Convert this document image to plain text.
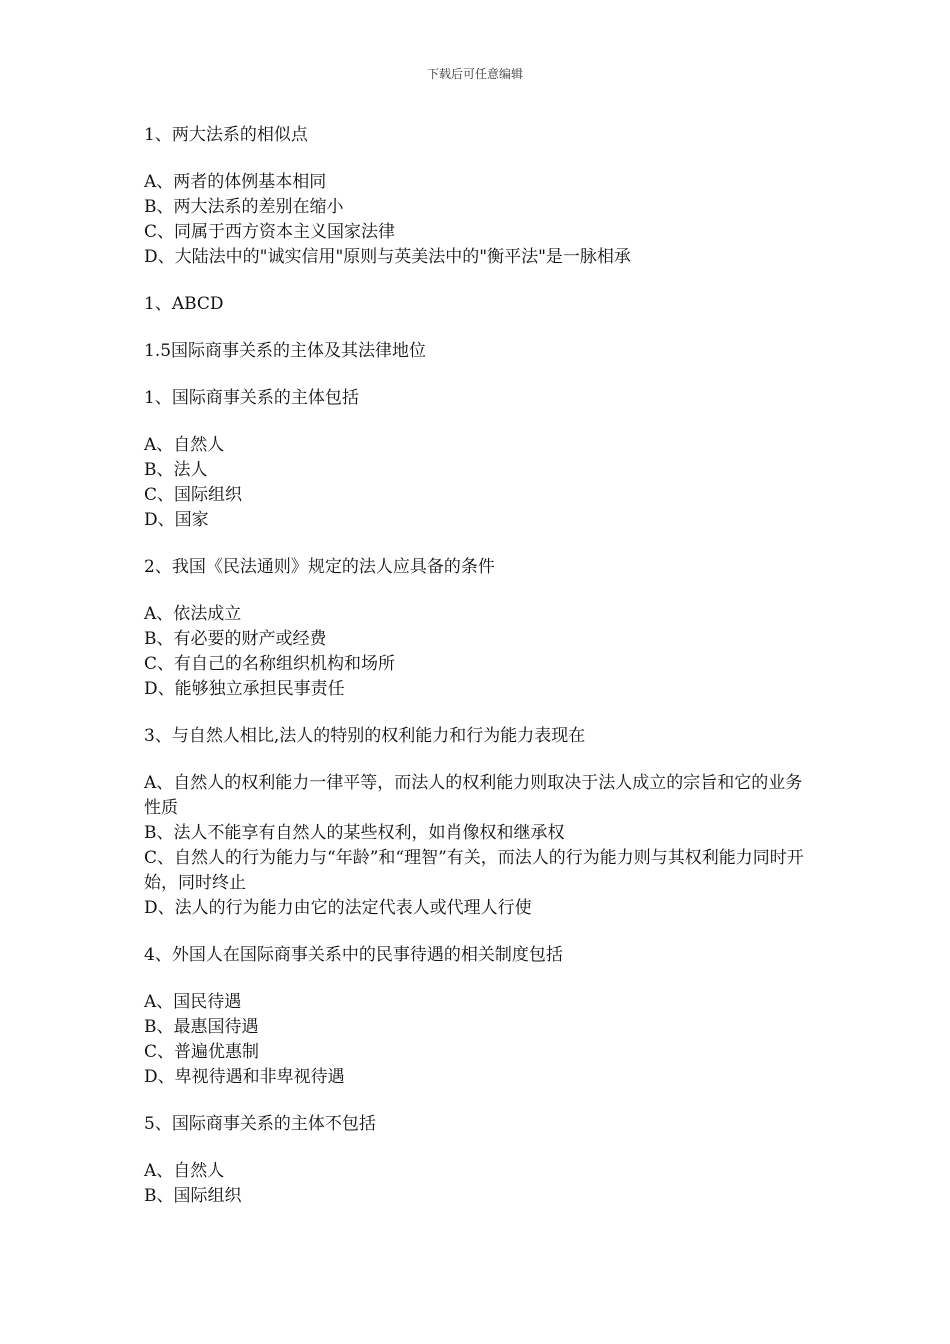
下载后可任意编辑
1、两大法系的相似点
A、两者的体例基本相同
B、两大法系的差别在缩小
C、同属于西方资本主义国家法律
D、大陆法中的"诚实信用"原则与英美法中的"衡平法"是一脉相承
1、ABCD
1.5国际商事关系的主体及其法律地位
1、国际商事关系的主体包括
A、自然人
B、法人
C、国际组织
D、国家
2、我国《民法通则》规定的法人应具备的条件
A、依法成立
B、有必要的财产或经费
C、有自己的名称组织机构和场所
D、能够独立承担民事责任
3、与自然人相比,法人的特别的权利能力和行为能力表现在
A、自然人的权利能力一律平等，而法人的权利能力则取决于法人成立的宗旨和它的业务性质
B、法人不能享有自然人的某些权利，如肖像权和继承权
C、自然人的行为能力与“年龄”和“理智”有关，而法人的行为能力则与其权利能力同时开始，同时终止
D、法人的行为能力由它的法定代表人或代理人行使
4、外国人在国际商事关系中的民事待遇的相关制度包括
A、国民待遇
B、最惠国待遇
C、普遍优惠制
D、卑视待遇和非卑视待遇
5、国际商事关系的主体不包括
A、自然人
B、国际组织
